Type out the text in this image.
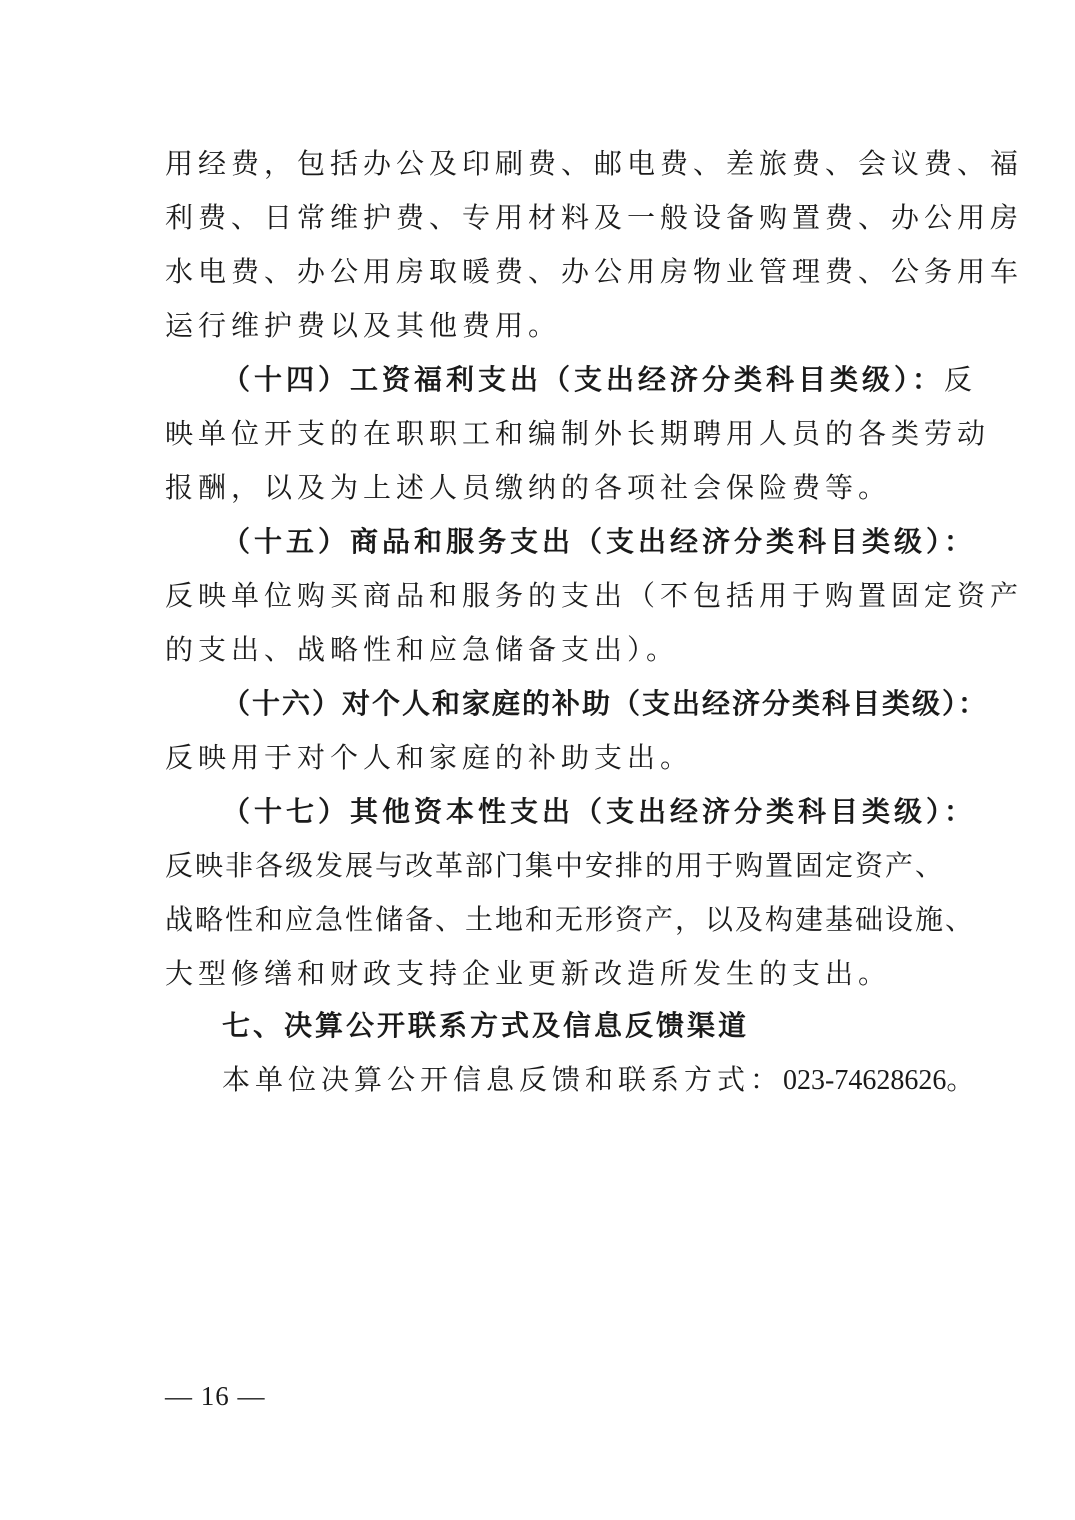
用经费，包括办公及印刷费、邮电费、差旅费、会议费、福
利费、日常维护费、专用材料及一般设备购置费、办公用房
水电费、办公用房取暖费、办公用房物业管理费、公务用车
运行维护费以及其他费用。
（十四）工资福利支出（支出经济分类科目类级）：反
映单位开支的在职职工和编制外长期聘用人员的各类劳动
报酬，以及为上述人员缴纳的各项社会保险费等。
（十五）商品和服务支出（支出经济分类科目类级）：
反映单位购买商品和服务的支出（不包括用于购置固定资产
的支出、战略性和应急储备支出）。
（十六）对个人和家庭的补助（支出经济分类科目类级）：
反映用于对个人和家庭的补助支出。
（十七）其他资本性支出（支出经济分类科目类级）：
反映非各级发展与改革部门集中安排的用于购置固定资产、
战略性和应急性储备、土地和无形资产，以及构建基础设施、
大型修缮和财政支持企业更新改造所发生的支出。
七、决算公开联系方式及信息反馈渠道
本单位决算公开信息反馈和联系方式：023-74628626。
— 16 —
